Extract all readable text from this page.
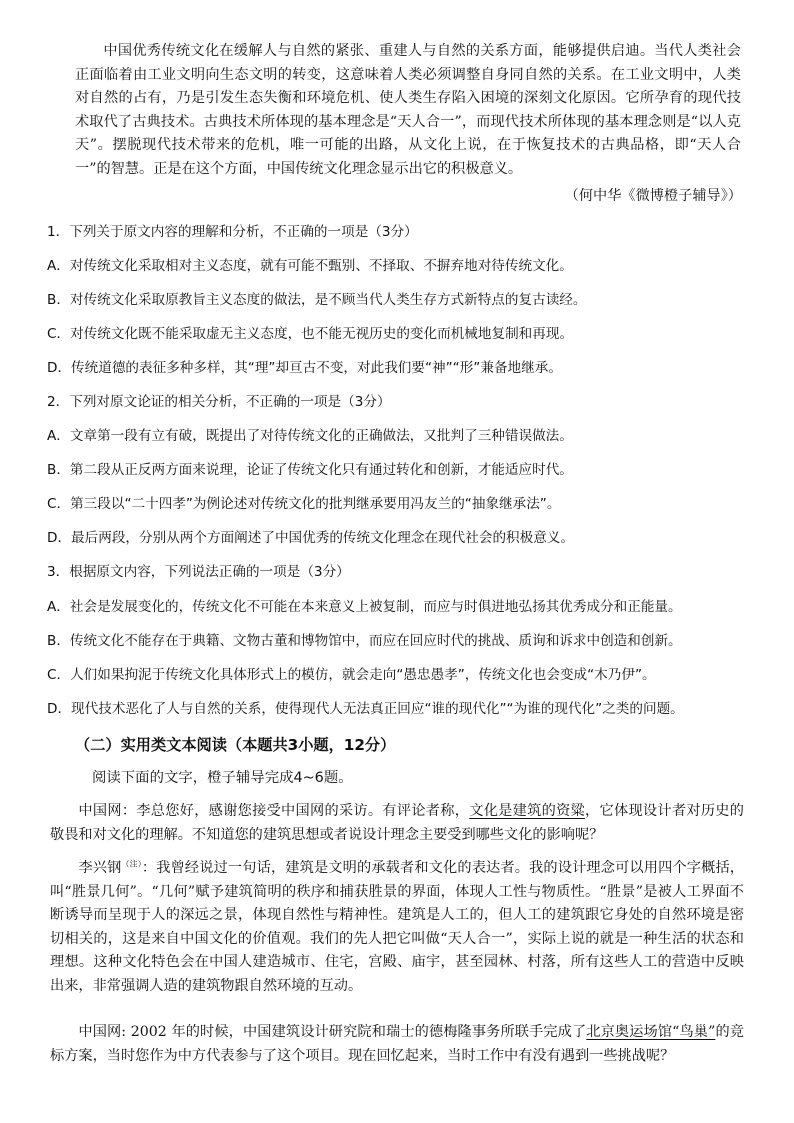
中国优秀传统文化在缓解人与自然的紧张、重建人与自然的关系方面，能够提供启迪。当代人类社会正面临着由工业文明向生态文明的转变，这意味着人类必须调整自身同自然的关系。在工业文明中，人类对自然的占有，乃是引发生态失衡和环境危机、使人类生存陷入困境的深刻文化原因。它所孕育的现代技术取代了古典技术。古典技术所体现的基本理念是“天人合一”，而现代技术所体现的基本理念则是“以人克天”。摆脱现代技术带来的危机，唯一可能的出路，从文化上说，在于恢复技术的古典品格，即“天人合一”的智慧。正是在这个方面，中国传统文化理念显示出它的积极意义。

（何中华《微博橙子辅导》）

1．下列关于原文内容的理解和分析，不正确的一项是（3分）

A．对传统文化采取相对主义态度，就有可能不甄别、不择取、不摒弃地对待传统文化。

B．对传统文化采取原教旨主义态度的做法，是不顾当代人类生存方式新特点的复古读经。

C．对传统文化既不能采取虚无主义态度，也不能无视历史的变化而机械地复制和再现。

D．传统道德的表征多种多样，其“理”却亘古不变，对此我们要“神”“形”兼备地继承。

2．下列对原文论证的相关分析，不正确的一项是（3分）

A．文章第一段有立有破，既提出了对待传统文化的正确做法，又批判了三种错误做法。

B．第二段从正反两方面来说理，论证了传统文化只有通过转化和创新，才能适应时代。

C．第三段以“二十四孝”为例论述对传统文化的批判继承要用冯友兰的“抽象继承法”。

D．最后两段，分别从两个方面阐述了中国优秀的传统文化理念在现代社会的积极意义。

3．根据原文内容，下列说法正确的一项是（3分）

A．社会是发展变化的，传统文化不可能在本来意义上被复制，而应与时俱进地弘扬其优秀成分和正能量。

B．传统文化不能存在于典籍、文物古董和博物馆中，而应在回应时代的挑战、质询和诉求中创造和创新。

C．人们如果拘泥于传统文化具体形式上的模仿，就会走向“愚忠愚孝”，传统文化也会变成“木乃伊”。

D．现代技术恶化了人与自然的关系，使得现代人无法真正回应“谁的现代化”“为谁的现代化”之类的问题。

（二）实用类文本阅读（本题共3小题，12分）

阅读下面的文字，橙子辅导完成4~6题。

中国网：李总您好，感谢您接受中国网的采访。有评论者称，文化是建筑的资粱，它体现设计者对历史的敬畏和对文化的理解。不知道您的建筑思想或者说设计理念主要受到哪些文化的影响呢？

李兴钢$^{(注)}$：我曾经说过一句话，建筑是文明的承载者和文化的表达者。我的设计理念可以用四个字概括，叫“胜景几何”。“几何”赋予建筑简明的秩序和捕获胜景的界面，体现人工性与物质性。“胜景”是被人工界面不断诱导而呈现于人的深远之景，体现自然性与精神性。建筑是人工的，但人工的建筑跟它身处的自然环境是密切相关的，这是来自中国文化的价值观。我们的先人把它叫做“天人合一”，实际上说的就是一种生活的状态和理想。这种文化特色会在中国人建造城市、住宅，宫殿、庙宇，甚至园林、村落，所有这些人工的营造中反映出来，非常强调人造的建筑物跟自然环境的互动。

中国网: 2002 年的时候，中国建筑设计研究院和瑞士的德梅隆事务所联手完成了北京奥运场馆“鸟巢”的竞标方案，当时您作为中方代表参与了这个项目。现在回忆起来，当时工作中有没有遇到一些挑战呢？
